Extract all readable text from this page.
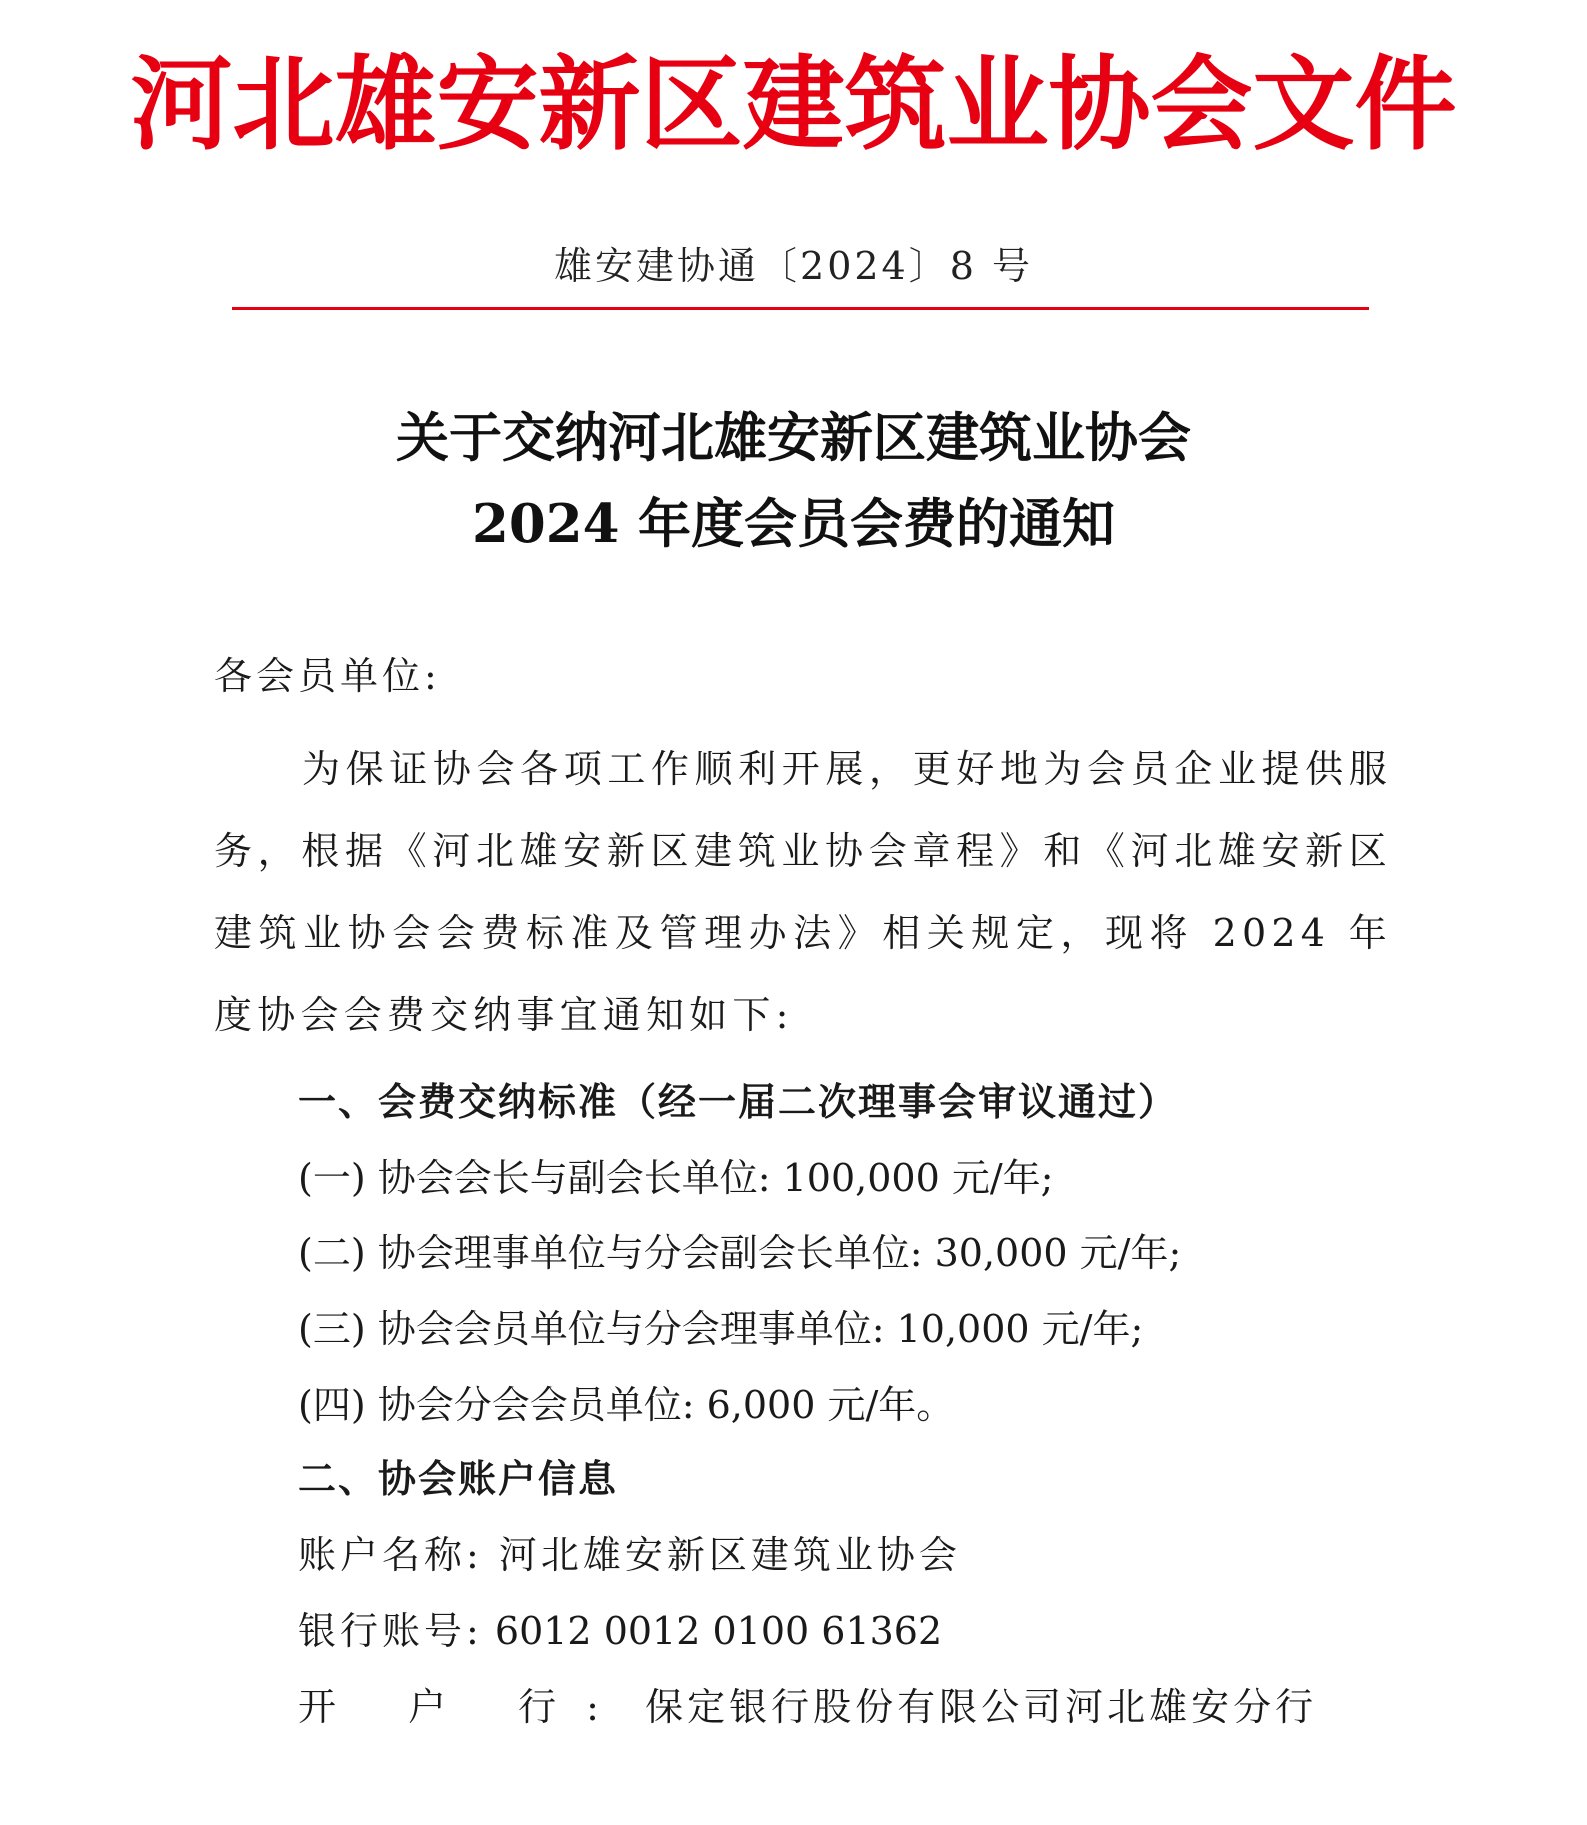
河北雄安新区建筑业协会文件
雄安建协通〔2024〕8 号
关于交纳河北雄安新区建筑业协会
2024 年度会员会费的通知
各会员单位:
为保证协会各项工作顺利开展，更好地为会员企业提供服务，根据《河北雄安新区建筑业协会章程》和《河北雄安新区建筑业协会会费标准及管理办法》相关规定，现将 2024 年度协会会费交纳事宜通知如下:
一、会费交纳标准（经一届二次理事会审议通过）
(一) 协会会长与副会长单位: 100,000 元/年;
(二) 协会理事单位与分会副会长单位: 30,000 元/年;
(三) 协会会员单位与分会理事单位: 10,000 元/年;
(四) 协会分会会员单位: 6,000 元/年。
二、协会账户信息
账户名称: 河北雄安新区建筑业协会
银行账号: 6012 0012 0100 61362
开 户 行: 保定银行股份有限公司河北雄安分行
